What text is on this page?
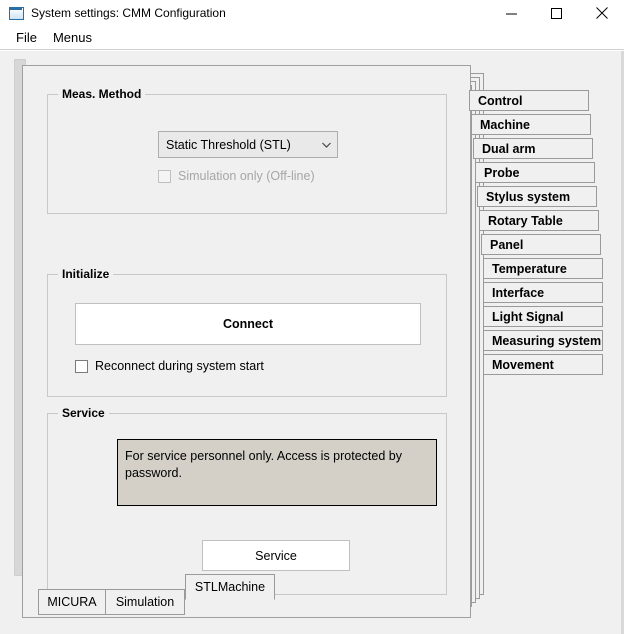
System settings: CMM Configuration
File	Menus
Meas. Method
Static Threshold (STL)
Simulation only (Off-line)
Initialize
Connect
Reconnect during system start
Service
For service personnel only. Access is protected by password.
Service
Control
Machine
Dual arm
Probe
Stylus system
Rotary Table
Panel
Temperature
Interface
Light Signal
Measuring system
Movement
STLMachine
MICURA Simulation
